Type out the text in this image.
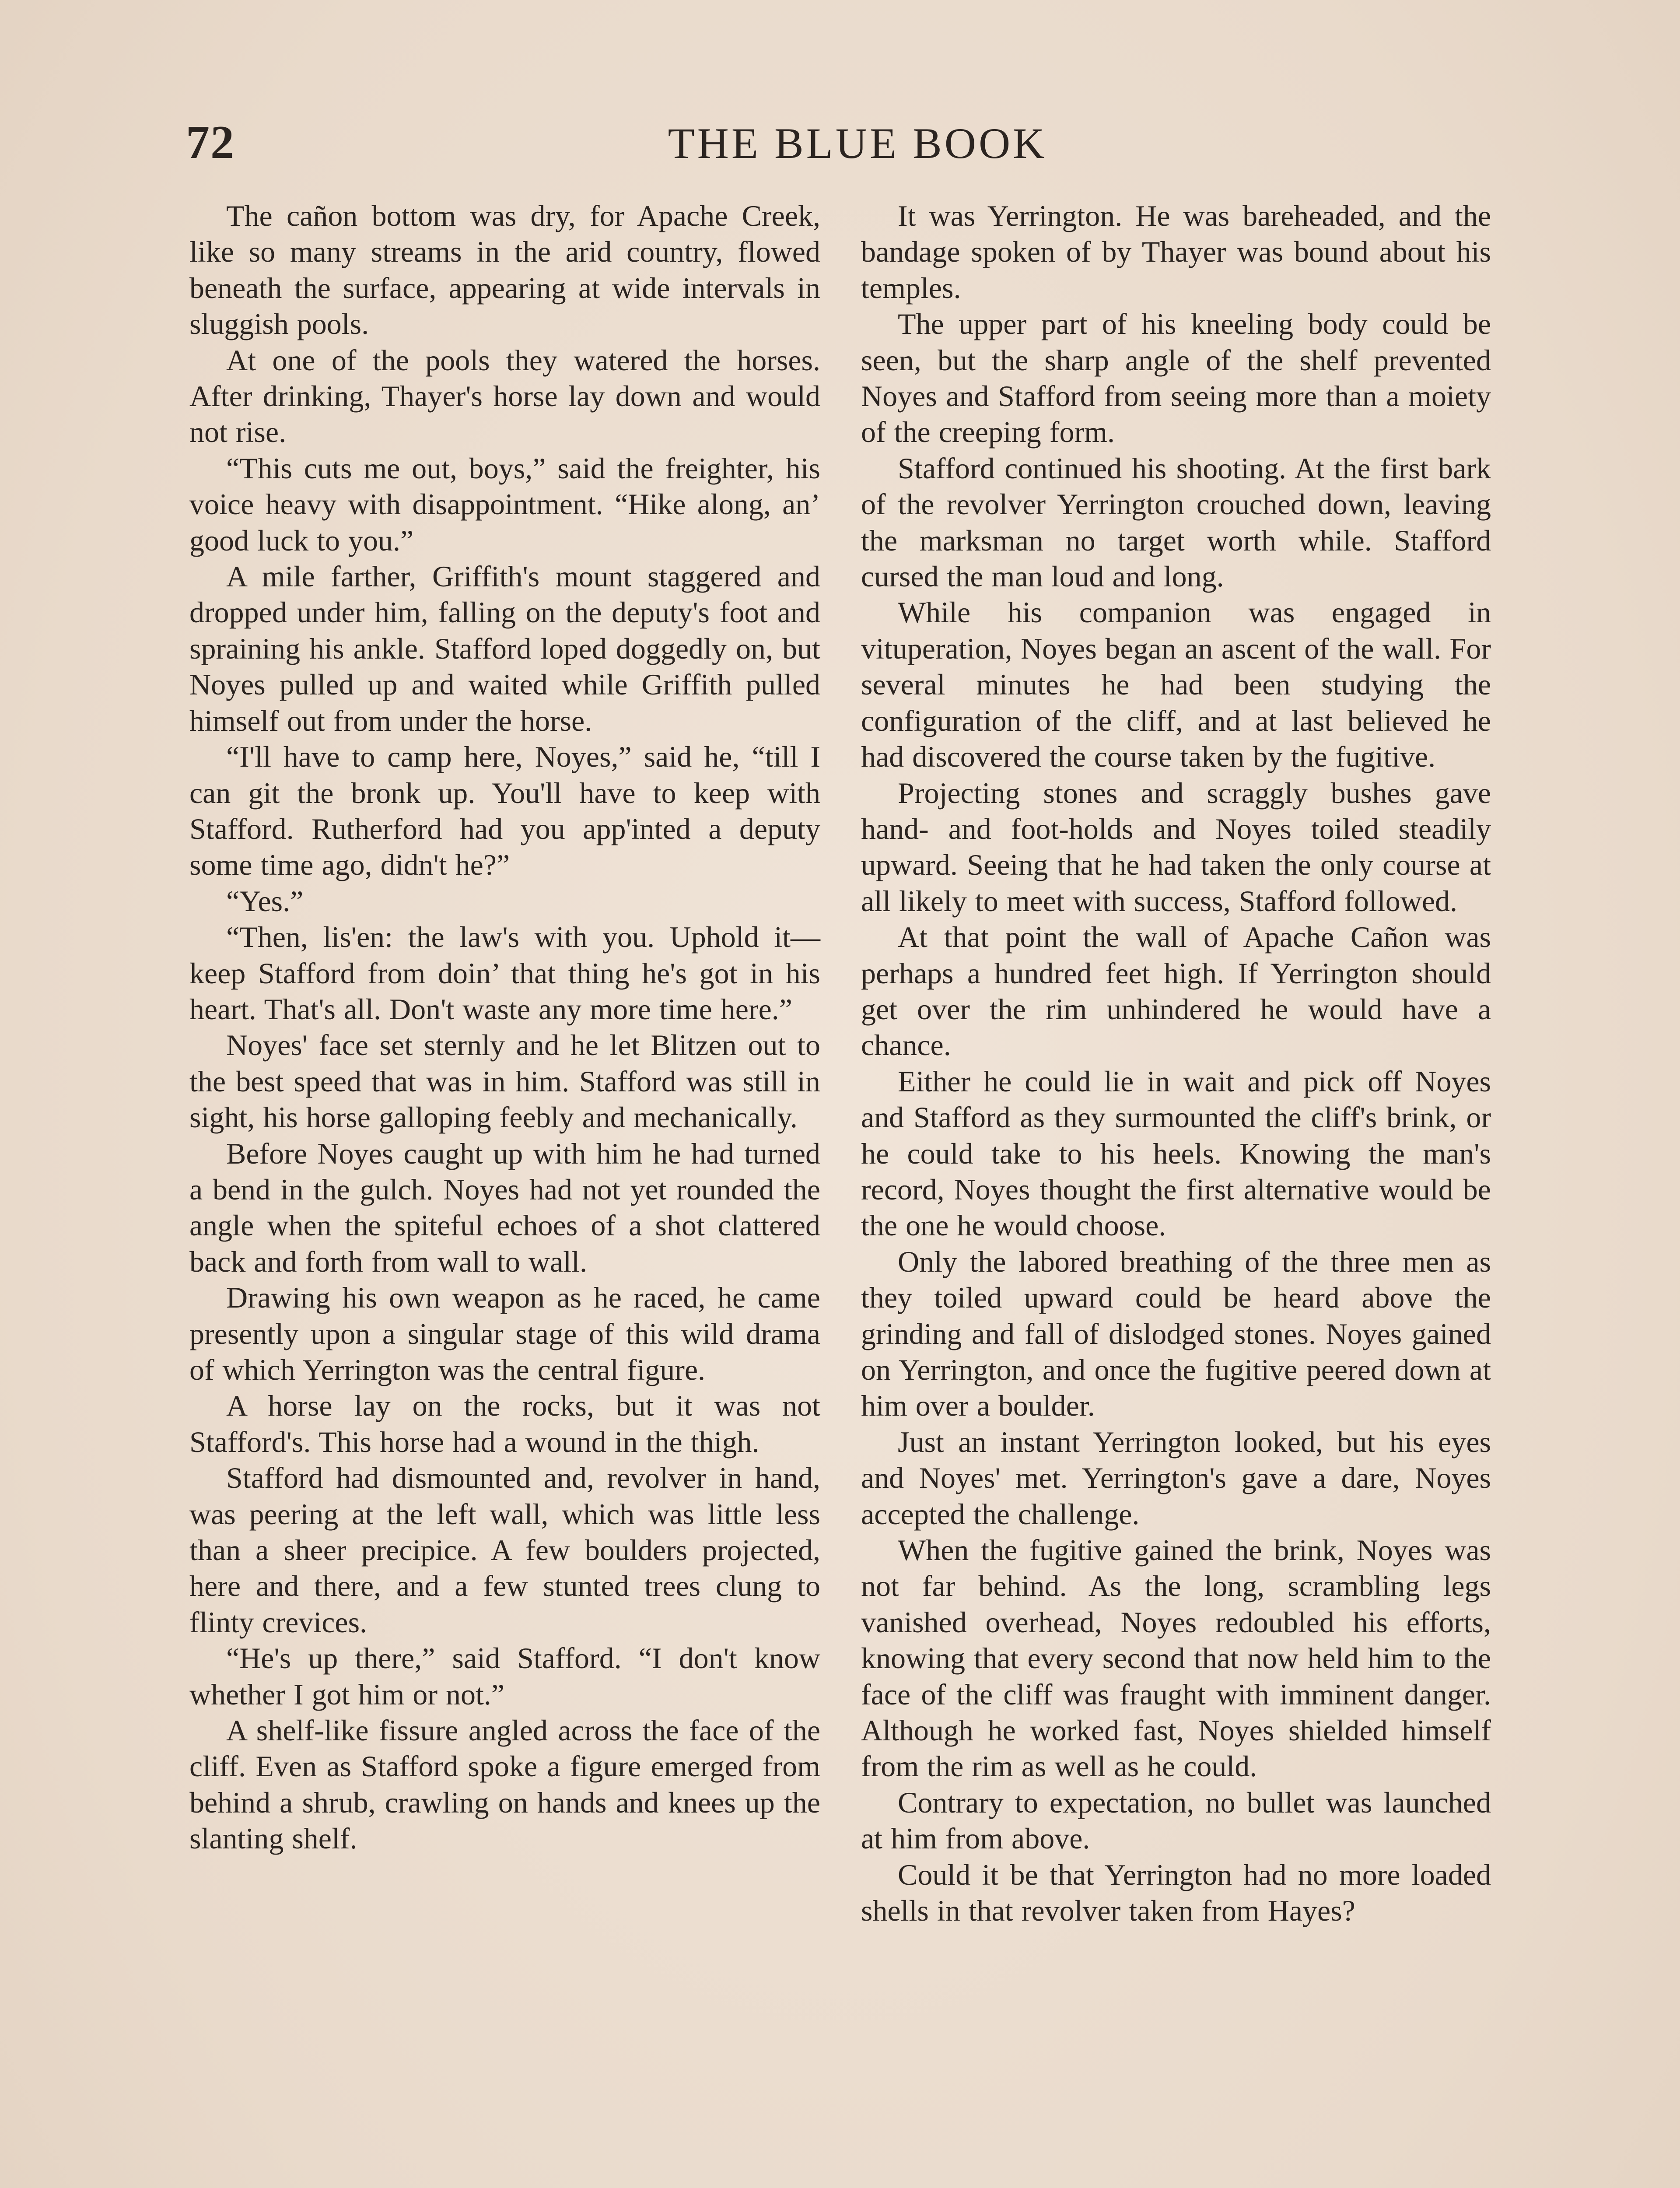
72	THE BLUE BOOK

The cañon bottom was dry, for Apache Creek, like so many streams in the arid country, flowed beneath the surface, appearing at wide intervals in sluggish pools.

At one of the pools they watered the horses. After drinking, Thayer's horse lay down and would not rise.

“This cuts me out, boys,” said the freighter, his voice heavy with disappointment. “Hike along, an’ good luck to you.”

A mile farther, Griffith's mount staggered and dropped under him, falling on the deputy's foot and spraining his ankle. Stafford loped doggedly on, but Noyes pulled up and waited while Griffith pulled himself out from under the horse.

“I'll have to camp here, Noyes,” said he, “till I can git the bronk up. You'll have to keep with Stafford. Rutherford had you app'inted a deputy some time ago, didn't he?”

“Yes.”

“Then, lis'en: the law's with you. Uphold it—keep Stafford from doin’ that thing he's got in his heart. That's all. Don't waste any more time here.”

Noyes' face set sternly and he let Blitzen out to the best speed that was in him. Stafford was still in sight, his horse galloping feebly and mechanically.

Before Noyes caught up with him he had turned a bend in the gulch. Noyes had not yet rounded the angle when the spiteful echoes of a shot clattered back and forth from wall to wall.

Drawing his own weapon as he raced, he came presently upon a singular stage of this wild drama of which Yerrington was the central figure.

A horse lay on the rocks, but it was not Stafford's. This horse had a wound in the thigh.

Stafford had dismounted and, revolver in hand, was peering at the left wall, which was little less than a sheer precipice. A few boulders projected, here and there, and a few stunted trees clung to flinty crevices.

“He's up there,” said Stafford. “I don't know whether I got him or not.”

A shelf-like fissure angled across the face of the cliff. Even as Stafford spoke a figure emerged from behind a shrub, crawling on hands and knees up the slanting shelf.

It was Yerrington. He was bareheaded, and the bandage spoken of by Thayer was bound about his temples.

The upper part of his kneeling body could be seen, but the sharp angle of the shelf prevented Noyes and Stafford from seeing more than a moiety of the creeping form.

Stafford continued his shooting. At the first bark of the revolver Yerrington crouched down, leaving the marksman no target worth while. Stafford cursed the man loud and long.

While his companion was engaged in vituperation, Noyes began an ascent of the wall. For several minutes he had been studying the configuration of the cliff, and at last believed he had discovered the course taken by the fugitive.

Projecting stones and scraggly bushes gave hand- and foot-holds and Noyes toiled steadily upward. Seeing that he had taken the only course at all likely to meet with success, Stafford followed.

At that point the wall of Apache Cañon was perhaps a hundred feet high. If Yerrington should get over the rim unhindered he would have a chance.

Either he could lie in wait and pick off Noyes and Stafford as they surmounted the cliff's brink, or he could take to his heels. Knowing the man's record, Noyes thought the first alternative would be the one he would choose.

Only the labored breathing of the three men as they toiled upward could be heard above the grinding and fall of dislodged stones. Noyes gained on Yerrington, and once the fugitive peered down at him over a boulder.

Just an instant Yerrington looked, but his eyes and Noyes' met. Yerrington's gave a dare, Noyes accepted the challenge.

When the fugitive gained the brink, Noyes was not far behind. As the long, scrambling legs vanished overhead, Noyes redoubled his efforts, knowing that every second that now held him to the face of the cliff was fraught with imminent danger. Although he worked fast, Noyes shielded himself from the rim as well as he could.

Contrary to expectation, no bullet was launched at him from above.

Could it be that Yerrington had no more loaded shells in that revolver taken from Hayes?
